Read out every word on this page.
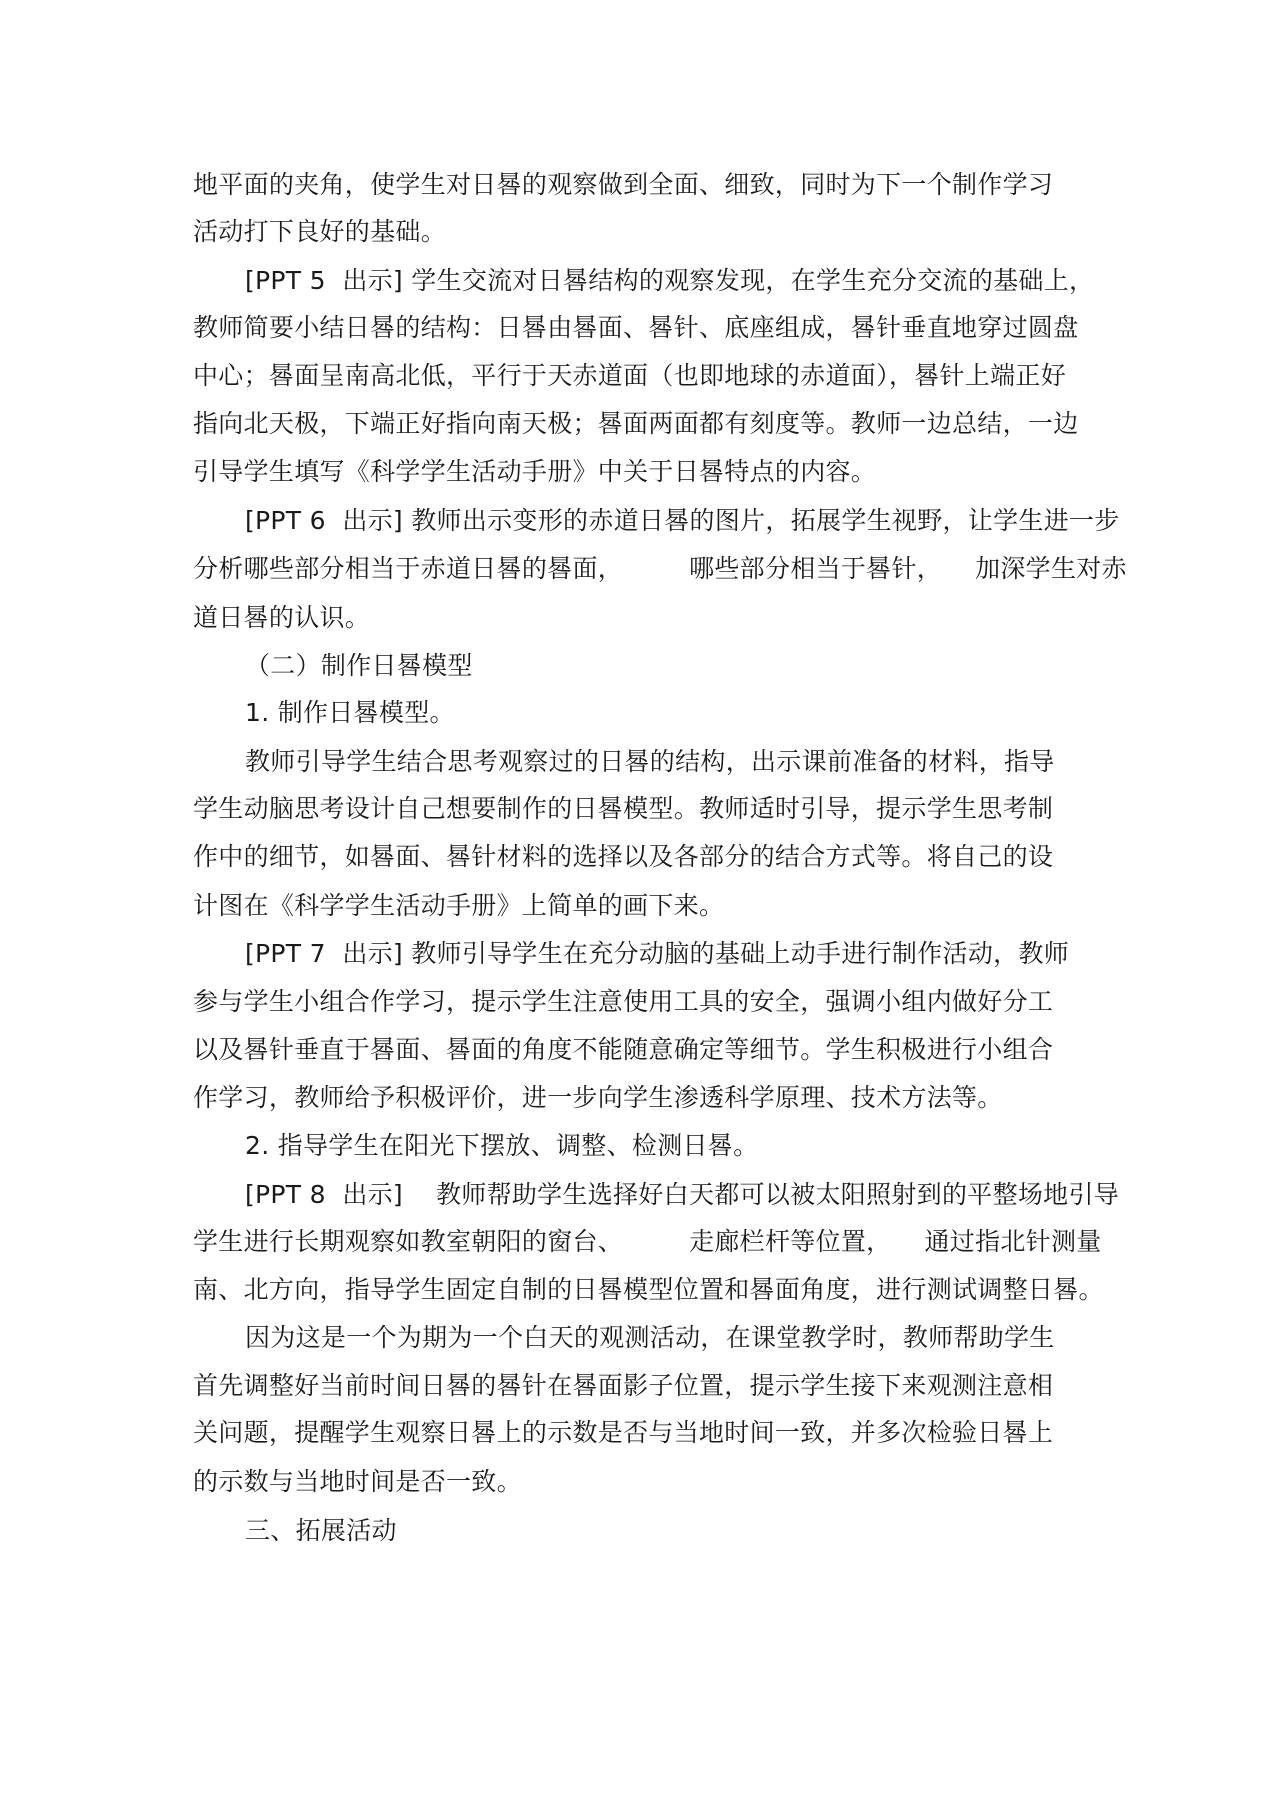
地平面的夹角，使学生对日晷的观察做到全面、细致，同时为下一个制作学习
活动打下良好的基础。
[PPT 5  出示] 学生交流对日晷结构的观察发现，在学生充分交流的基础上，
教师简要小结日晷的结构：日晷由晷面、晷针、底座组成，晷针垂直地穿过圆盘
中心；晷面呈南高北低，平行于天赤道面（也即地球的赤道面），晷针上端正好
指向北天极，下端正好指向南天极；晷面两面都有刻度等。教师一边总结，一边
引导学生填写《科学学生活动手册》中关于日晷特点的内容。
[PPT 6  出示] 教师出示变形的赤道日晷的图片，拓展学生视野，让学生进一步
分析哪些部分相当于赤道日晷的晷面，        哪些部分相当于晷针，    加深学生对赤
道日晷的认识。
（二）制作日晷模型
1. 制作日晷模型。
教师引导学生结合思考观察过的日晷的结构，出示课前准备的材料，指导
学生动脑思考设计自己想要制作的日晷模型。教师适时引导，提示学生思考制
作中的细节，如晷面、晷针材料的选择以及各部分的结合方式等。将自己的设
计图在《科学学生活动手册》上简单的画下来。
[PPT 7  出示] 教师引导学生在充分动脑的基础上动手进行制作活动，教师
参与学生小组合作学习，提示学生注意使用工具的安全，强调小组内做好分工
以及晷针垂直于晷面、晷面的角度不能随意确定等细节。学生积极进行小组合
作学习，教师给予积极评价，进一步向学生渗透科学原理、技术方法等。
2. 指导学生在阳光下摆放、调整、检测日晷。
[PPT 8  出示]    教师帮助学生选择好白天都可以被太阳照射到的平整场地引导
学生进行长期观察如教室朝阳的窗台、        走廊栏杆等位置，    通过指北针测量
南、北方向，指导学生固定自制的日晷模型位置和晷面角度，进行测试调整日晷。
因为这是一个为期为一个白天的观测活动，在课堂教学时，教师帮助学生
首先调整好当前时间日晷的晷针在晷面影子位置，提示学生接下来观测注意相
关问题，提醒学生观察日晷上的示数是否与当地时间一致，并多次检验日晷上
的示数与当地时间是否一致。
三、拓展活动
